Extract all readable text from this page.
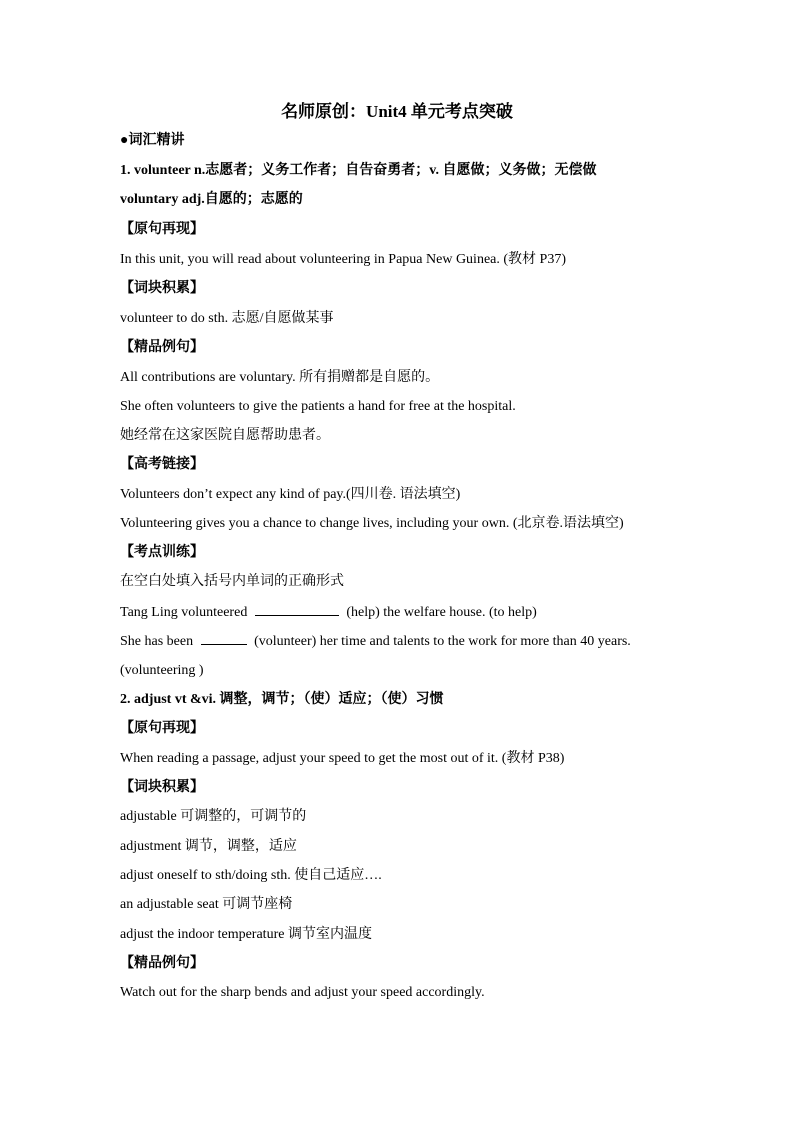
名师原创：Unit4 单元考点突破
●词汇精讲
1. volunteer n.志愿者；义务工作者；自告奋勇者；v. 自愿做；义务做；无偿做
voluntary adj.自愿的；志愿的
【原句再现】
In this unit, you will read about volunteering in Papua New Guinea. (教材 P37)
【词块积累】
volunteer to do sth. 志愿/自愿做某事
【精品例句】
All contributions are voluntary. 所有捐赠都是自愿的。
She often volunteers to give the patients a hand for free at the hospital.
她经常在这家医院自愿帮助患者。
【高考链接】
Volunteers don’t expect any kind of pay.(四川卷. 语法填空)
Volunteering gives you a chance to change lives, including your own. (北京卷.语法填空)
【考点训练】
在空白处填入括号内单词的正确形式
Tang Ling volunteered	(help) the welfare house. (to help)
She has been	(volunteer) her time and talents to the work for more than 40 years.
(volunteering )
2. adjust vt &vi. 调整，调节；（使）适应；（使）习惯
【原句再现】
When reading a passage, adjust your speed to get the most out of it. (教材 P38)
【词块积累】
adjustable 可调整的，可调节的
adjustment 调节，调整，适应
adjust oneself to sth/doing sth. 使自己适应….
an adjustable seat 可调节座椅
adjust the indoor temperature 调节室内温度
【精品例句】
Watch out for the sharp bends and adjust your speed accordingly.
